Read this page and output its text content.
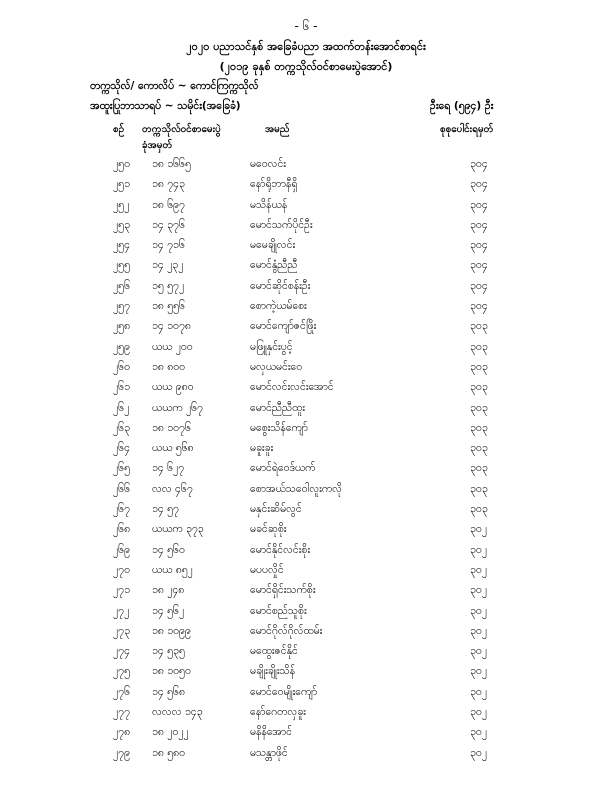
- ၆ -
၂၀၂၀ ပညာသင်နှစ် အခြေခံပညာ အထက်တန်းအောင်စာရင်း
(၂၀၁၉ ခုနှစ် တက္ကသိုလ်ဝင်စာမေးပွဲအောင်)
တက္ကသိုလ်/ ကောလိပ် ~ ကောင်ကြက္ကသိုလ်
အထူးပြုဘာသာရပ် ~ သမိုင်း(အခြေခံ)	ဦးရေ (၅၉၄) ဦး
စဉ် တက္ကသိုလ်ဝင်စာမေးပွဲ
ခုံအမှတ်
အမည်	စုစုပေါင်းရမှတ်
၂၅၀ ၁၈ ၁၆၆၅	မဝေလင်း	၃၀၄
၂၅၁ ၁၈ ၇၄၃	နော်ရိုဘာနီရှိ	၃၀၄
၂၅၂ ၁၈ ၆၉၇	မသိန်ယန်	၃၀၄
၂၅၃ ၁၄ ၃၇၆	မောင်သက်ပိုင်ဦး	၃၀၄
၂၅၄ ၁၄ ၇၁၆	မမေချိုလင်း	၃၀၄
၂၅၅ ၁၄ ၂၃၂	မောင်နွံညီညီ	၃၀၄
၂၅၆ ၁၅ ၅၇၂	မောင်ဆိုင်စန်းဦး	၃၀၄
၂၅၇ ၁၈ ၅၅၆	စောကဲ့ယမ်စေး	၃၀၄
၂၅၈ ၁၄ ၁၀၇၈	မောင်ကျော်ဇင်ဖြိုး	၃၀၃
၂၅၉ ယယ ၂၀၀	မဖြူနှင်းပွင့်	၃၀၃
၂၆၀ ၁၈ ၈၀၀	မလှယမင်းဝေ	၃၀၃
၂၆၁ ယယ ၉၈၀	မောင်လင်းလင်းအောင်	၃၀၃
၂၆၂ ယယက ၂၆၇	မောင်ညီညီထူး	၃၀၃
၂၆၃ ၁၈ ၁၀၇၆	မစွေးသိန်ကျော်	၃၀၃
၂၆၄ ယယ ၅၆၈	မခူးခူး	၃၀၃
၂၆၅ ၁၄ ၆၂၇	မောင်ရဲဝေဒ်ယက်	၃၀၃
၂၆၆ လလ ၄၆၇	စောအယ်သဝေါလူးကလို	၃၀၃
၂၆၇ ၁၄ ၅၇	မနှင်းဆိမ်လွင်	၃၀၃
၂၆၈ ယယက ၃၇၃	မခင်ဆုစိုး	၃၀၂
၂၆၉ ၁၄ ၅၆၀	မောင်နိုင်လင်းစိုး	၃၀၂
၂၇၀ ယယ ၈၅၂	မပပလှိုင်	၃၀၂
၂၇၁ ၁၈ ၂၄၈	မောင်ရှိင်းသက်စိုး	၃၀၂
၂၇၂ ၁၄ ၅၆၂	မောင်စည်သူစိုး	၃၀၂
၂၇၃ ၁၈ ၁၀၉၉	မောင်ဂိုလ်ဂိုလ်ထမ်း	၃၀၂
၂၇၄ ၁၄ ၅၃၅	မထွေးဇင်နိုင်	၃၀၂
၂၇၅ ၁၈ ၁၀၅၀	မချိုးချိုးသိန်	၃၀၂
၂၇၆ ၁၄ ၅၆၈	မောင်ဝေမျိုးကျော်	၃၀၂
၂၇၇ လလလ ၁၄၃	နော်ဂေတလှခူး	၃၀၂
၂၇၈ ၁၈ ၂၀၂၂	မနိနိအောင်	၃၀၂
၂၇၉ ၁၈ ၅၈၀	မသန္တာဖိုင်	၃၀၂
